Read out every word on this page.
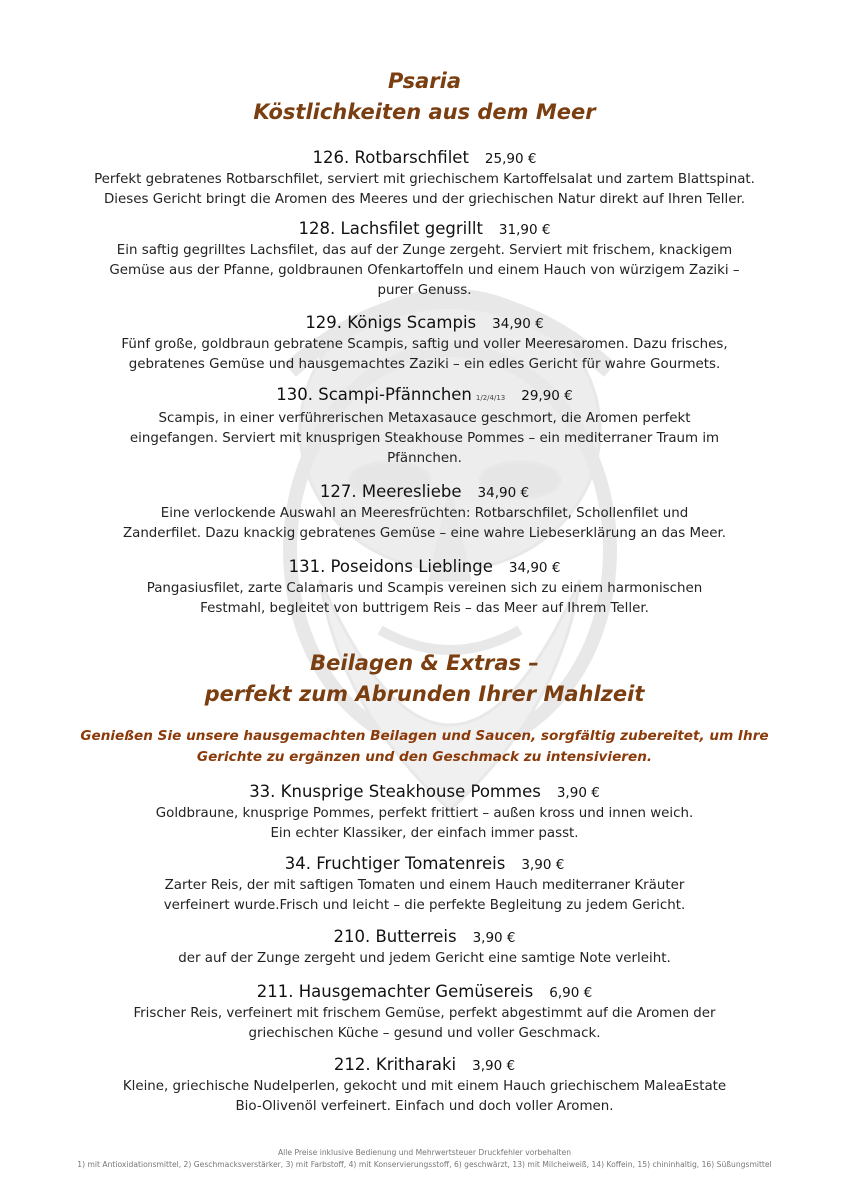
Psaria
Köstlichkeiten aus dem Meer
126. Rotbarschfilet 25,90 €
Perfekt gebratenes Rotbarschfilet, serviert mit griechischem Kartoffelsalat und zartem Blattspinat.
Dieses Gericht bringt die Aromen des Meeres und der griechischen Natur direkt auf Ihren Teller.
128. Lachsfilet gegrillt 31,90 €
Ein saftig gegrilltes Lachsfilet, das auf der Zunge zergeht. Serviert mit frischem, knackigem
Gemüse aus der Pfanne, goldbraunen Ofenkartoffeln und einem Hauch von würzigem Zaziki –
purer Genuss.
129. Königs Scampis 34,90 €
Fünf große, goldbraun gebratene Scampis, saftig und voller Meeresaromen. Dazu frisches,
gebratenes Gemüse und hausgemachtes Zaziki – ein edles Gericht für wahre Gourmets.
130. Scampi-Pfännchen 1/2/4/13 29,90 €
Scampis, in einer verführerischen Metaxasauce geschmort, die Aromen perfekt
eingefangen. Serviert mit knusprigen Steakhouse Pommes – ein mediterraner Traum im
Pfännchen.
127. Meeresliebe 34,90 €
Eine verlockende Auswahl an Meeresfrüchten: Rotbarschfilet, Schollenfilet und
Zanderfilet. Dazu knackig gebratenes Gemüse – eine wahre Liebeserklärung an das Meer.
131. Poseidons Lieblinge 34,90 €
Pangasiusfilet, zarte Calamaris und Scampis vereinen sich zu einem harmonischen
Festmahl, begleitet von buttrigem Reis – das Meer auf Ihrem Teller.
Beilagen & Extras –
perfekt zum Abrunden Ihrer Mahlzeit
Genießen Sie unsere hausgemachten Beilagen und Saucen, sorgfältig zubereitet, um Ihre
Gerichte zu ergänzen und den Geschmack zu intensivieren.
33. Knusprige Steakhouse Pommes 3,90 €
Goldbraune, knusprige Pommes, perfekt frittiert – außen kross und innen weich.
Ein echter Klassiker, der einfach immer passt.
34. Fruchtiger Tomatenreis 3,90 €
Zarter Reis, der mit saftigen Tomaten und einem Hauch mediterraner Kräuter
verfeinert wurde.Frisch und leicht – die perfekte Begleitung zu jedem Gericht.
210. Butterreis 3,90 €
der auf der Zunge zergeht und jedem Gericht eine samtige Note verleiht.
211. Hausgemachter Gemüsereis 6,90 €
Frischer Reis, verfeinert mit frischem Gemüse, perfekt abgestimmt auf die Aromen der
griechischen Küche – gesund und voller Geschmack.
212. Kritharaki 3,90 €
Kleine, griechische Nudelperlen, gekocht und mit einem Hauch griechischem MaleaEstate
Bio-Olivenöl verfeinert. Einfach und doch voller Aromen.
Alle Preise inklusive Bedienung und Mehrwertsteuer Druckfehler vorbehalten
1) mit Antioxidationsmittel, 2) Geschmacksverstärker, 3) mit Farbstoff, 4) mit Konservierungsstoff, 6) geschwärzt, 13) mit Milcheiweiß, 14) Koffein, 15) chininhaltig, 16) Süßungsmittel
